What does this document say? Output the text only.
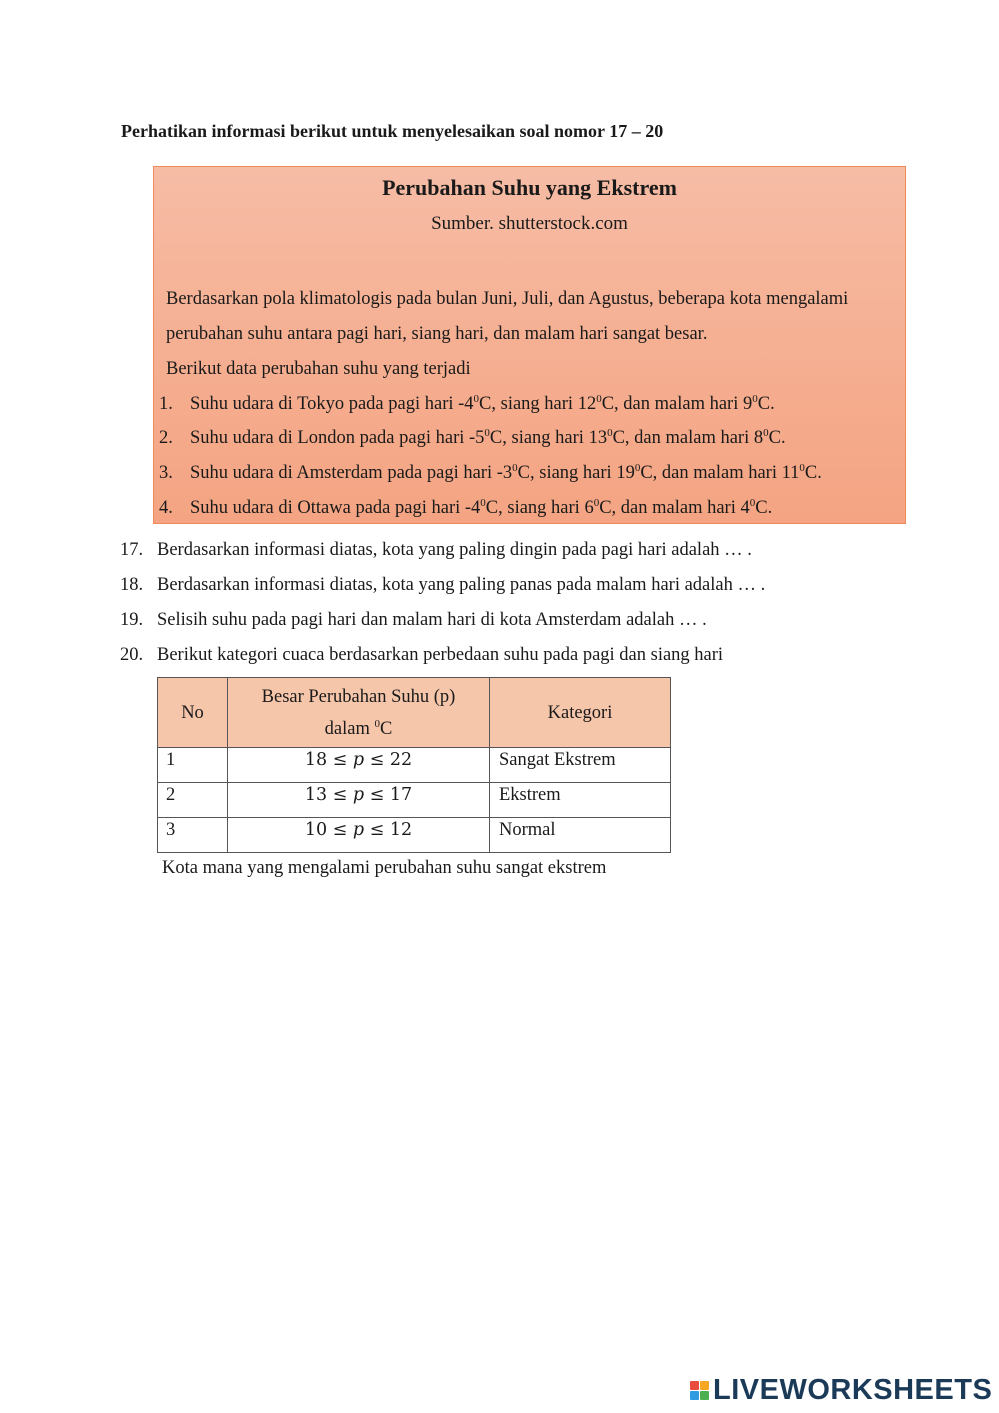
Perhatikan informasi berikut untuk menyelesaikan soal nomor 17 – 20
Perubahan Suhu yang Ekstrem
Sumber. shutterstock.com
Berdasarkan pola klimatologis pada bulan Juni, Juli, dan Agustus, beberapa kota mengalami
perubahan suhu antara pagi hari, siang hari, dan malam hari sangat besar.
Berikut data perubahan suhu yang terjadi
1. Suhu udara di Tokyo pada pagi hari $-4^0C$, siang hari $12^0C$, dan malam hari $9^0C$.
2. Suhu udara di London pada pagi hari $-5^0C$, siang hari $13^0C$, dan malam hari $8^0C$.
3. Suhu udara di Amsterdam pada pagi hari $-3^0C$, siang hari $19^0C$, dan malam hari $11^0C$.
4. Suhu udara di Ottawa pada pagi hari $-4^0C$, siang hari $6^0C$, dan malam hari $4^0C$.
17. Berdasarkan informasi diatas, kota yang paling dingin pada pagi hari adalah … .
18. Berdasarkan informasi diatas, kota yang paling panas pada malam hari adalah … .
19. Selisih suhu pada pagi hari dan malam hari di kota Amsterdam adalah … .
20. Berikut kategori cuaca berdasarkan perbedaan suhu pada pagi dan siang hari
No	Besar Perubahan Suhu (p)
dalam $^0$C	Kategori
1	18 ≤ 𝑝 ≤ 22	Sangat Ekstrem
2	13 ≤ 𝑝 ≤ 17	Ekstrem
3	10 ≤ 𝑝 ≤ 12	Normal
Kota mana yang mengalami perubahan suhu sangat ekstrem
LIVEWORKSHEETS
